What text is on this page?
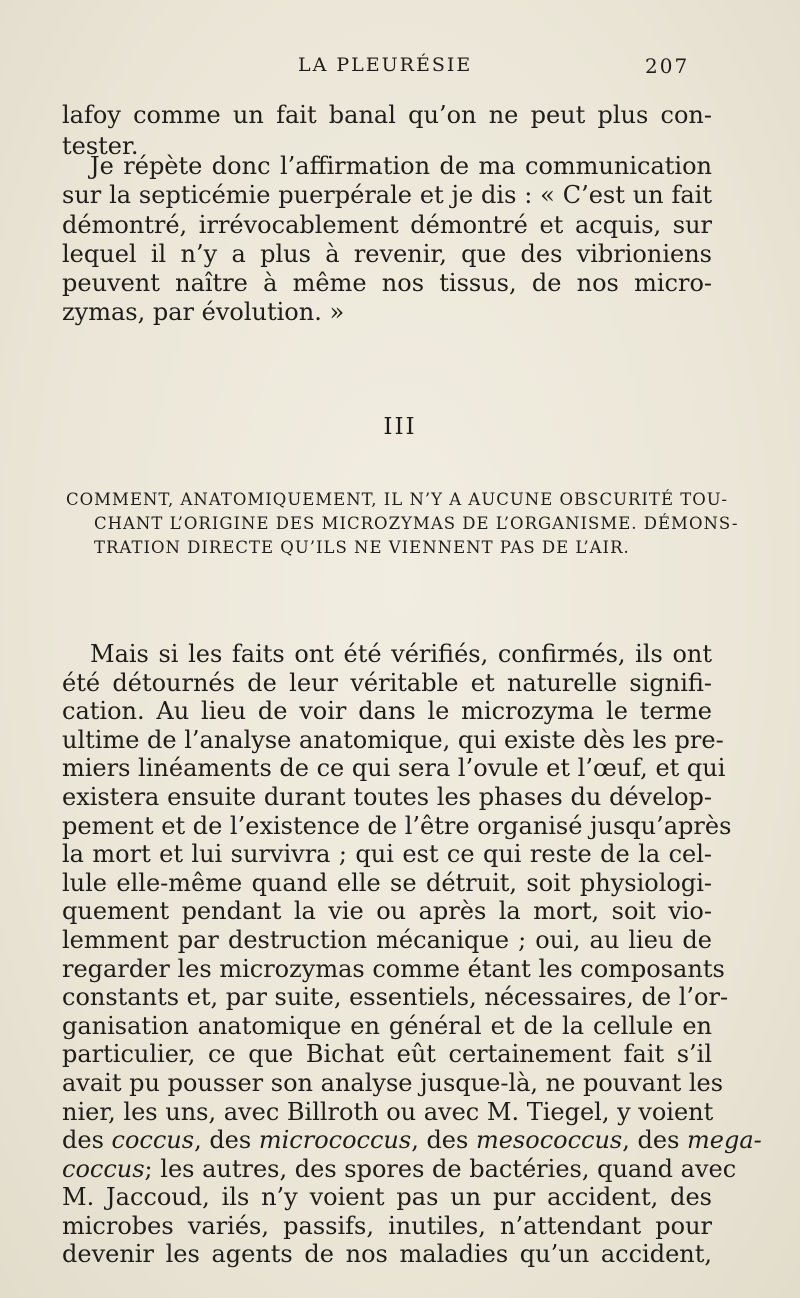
LA PLEURÉSIE	207
lafoy comme un fait banal qu’on ne peut plus con-
tester.
Je répète donc l’affirmation de ma communication
sur la septicémie puerpérale et je dis : « C’est un fait
démontré, irrévocablement démontré et acquis, sur
lequel il n’y a plus à revenir, que des vibrioniens
peuvent naître à même nos tissus, de nos micro-
zymas, par évolution. »
III
COMMENT, ANATOMIQUEMENT, IL N’Y A AUCUNE OBSCURITÉ TOU-
CHANT L’ORIGINE DES MICROZYMAS DE L’ORGANISME. DÉMONS-
TRATION DIRECTE QU’ILS NE VIENNENT PAS DE L’AIR.
Mais si les faits ont été vérifiés, confirmés, ils ont
été détournés de leur véritable et naturelle signifi-
cation. Au lieu de voir dans le microzyma le terme
ultime de l’analyse anatomique, qui existe dès les pre-
miers linéaments de ce qui sera l’ovule et l’œuf, et qui
existera ensuite durant toutes les phases du dévelop-
pement et de l’existence de l’être organisé jusqu’après
la mort et lui survivra ; qui est ce qui reste de la cel-
lule elle-même quand elle se détruit, soit physiologi-
quement pendant la vie ou après la mort, soit vio-
lemment par destruction mécanique ; oui, au lieu de
regarder les microzymas comme étant les composants
constants et, par suite, essentiels, nécessaires, de l’or-
ganisation anatomique en général et de la cellule en
particulier, ce que Bichat eût certainement fait s’il
avait pu pousser son analyse jusque-là, ne pouvant les
nier, les uns, avec Billroth ou avec M. Tiegel, y voient
des coccus, des micrococcus, des mesococcus, des mega-
coccus; les autres, des spores de bactéries, quand avec
M. Jaccoud, ils n’y voient pas un pur accident, des
microbes variés, passifs, inutiles, n’attendant pour
devenir les agents de nos maladies qu’un accident,
